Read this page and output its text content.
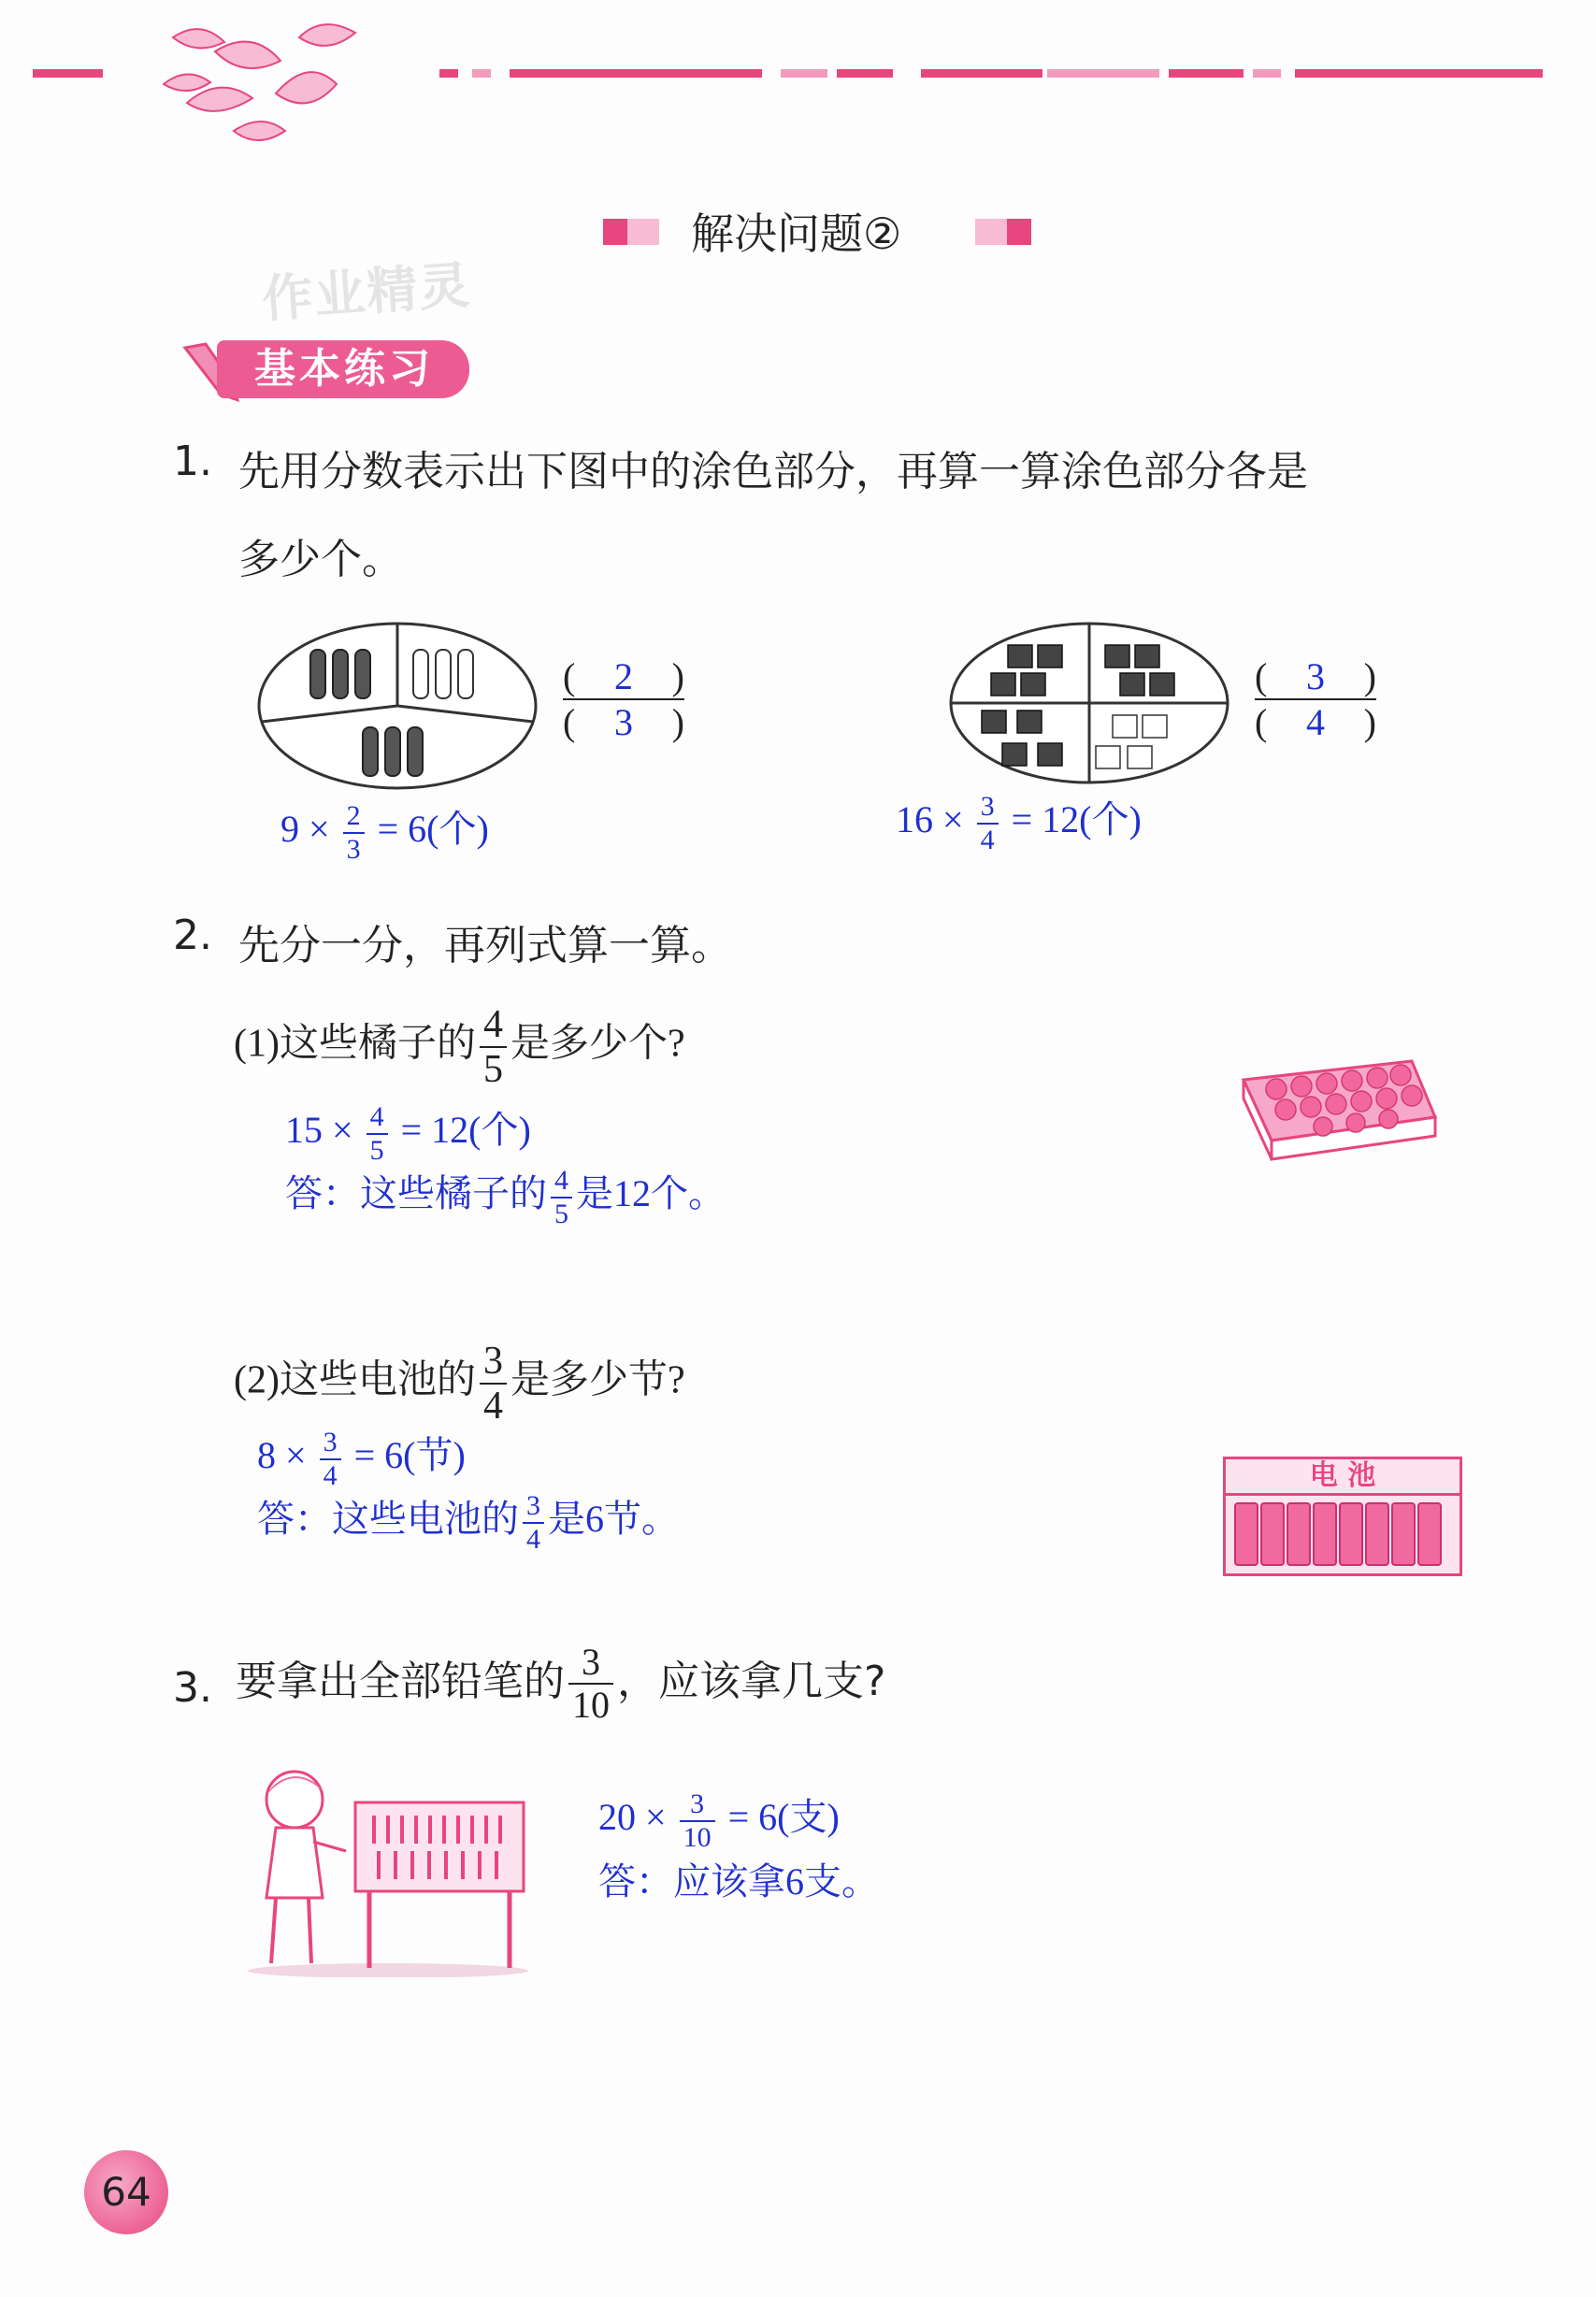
解决问题②
作业精灵
基本练习
1. 先用分数表示出下图中的涂色部分，再算一算涂色部分各是
多少个。
( 2 )
( 3 )
$9 \times \frac{2}{3} = 6$(个)
( 3 )
( 4 )
$16 \times \frac{3}{4} = 12$(个)
2. 先分一分，再列式算一算。
(1)这些橘子的 $\frac{4}{5}$ 是多少个?
$15 \times \frac{4}{5} = 12$(个)
答：这些橘子的 $\frac{4}{5}$ 是12个。
(2)这些电池的 $\frac{3}{4}$ 是多少节?
$8 \times \frac{3}{4} = 6$(节)
答：这些电池的 $\frac{3}{4}$ 是6节。
电 池
3. 要拿出全部铅笔的 $\frac{3}{10}$ ，应该拿几支?
$20 \times \frac{3}{10} = 6$(支)
答：应该拿6支。
64
